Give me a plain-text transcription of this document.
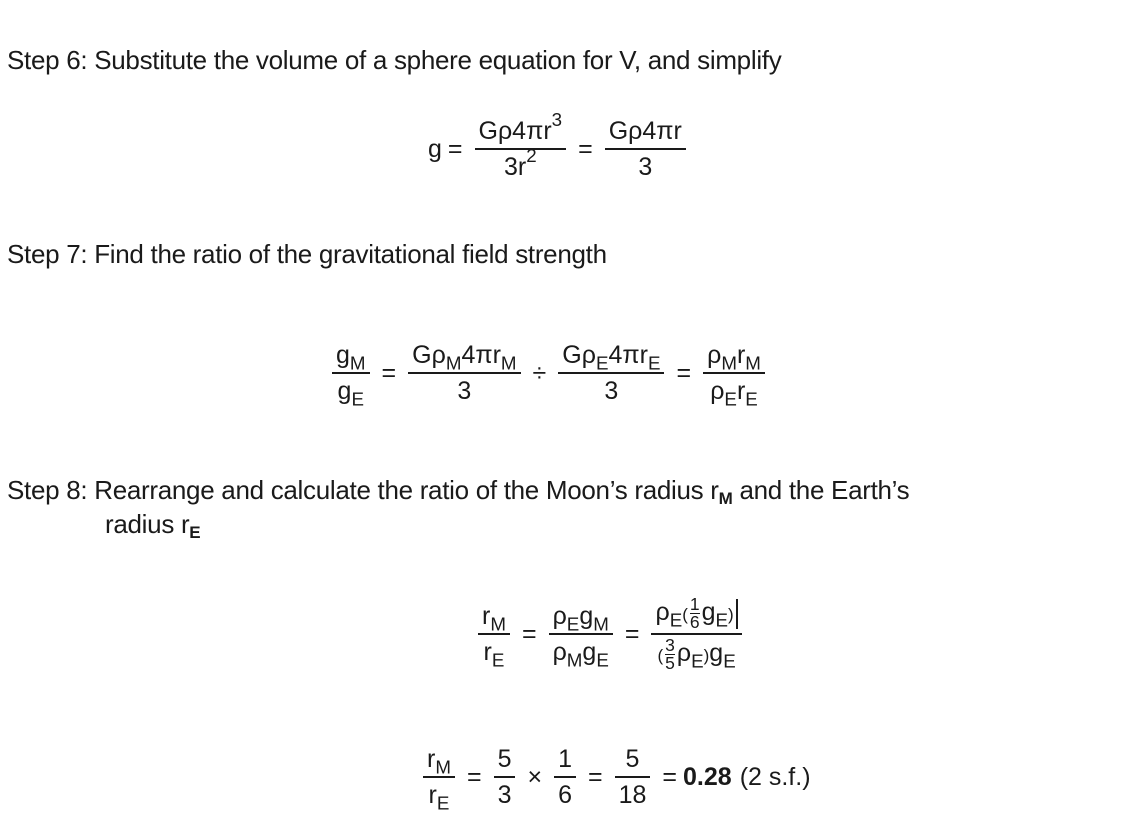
Step 6: Substitute the volume of a sphere equation for V, and simplify
$g = \frac{G\rho 4\pi r^3}{3r^2} = \frac{G\rho 4\pi r}{3}$
Step 7: Find the ratio of the gravitational field strength
$\frac{g_M}{g_E} = \frac{G\rho_M4\pi r_M}{3} \div \frac{G\rho_E4\pi r_E}{3} = \frac{\rho_Mr_M}{\rho_Er_E}$
Step 8: Rearrange and calculate the ratio of the Moon’s radius rM and the Earth’s
radius rE
$\frac{r_M}{r_E} = \frac{\rho_Eg_M}{\rho_Mg_E} = \frac{\rho_E( \frac{1}{6} g_E)}{( \frac{3}{5} \rho_E)g_E}$
$\frac{r_M}{r_E} = \frac{5}{3} \times \frac{1}{6} = \frac{5}{18} = 0.28$ (2 s.f.)
